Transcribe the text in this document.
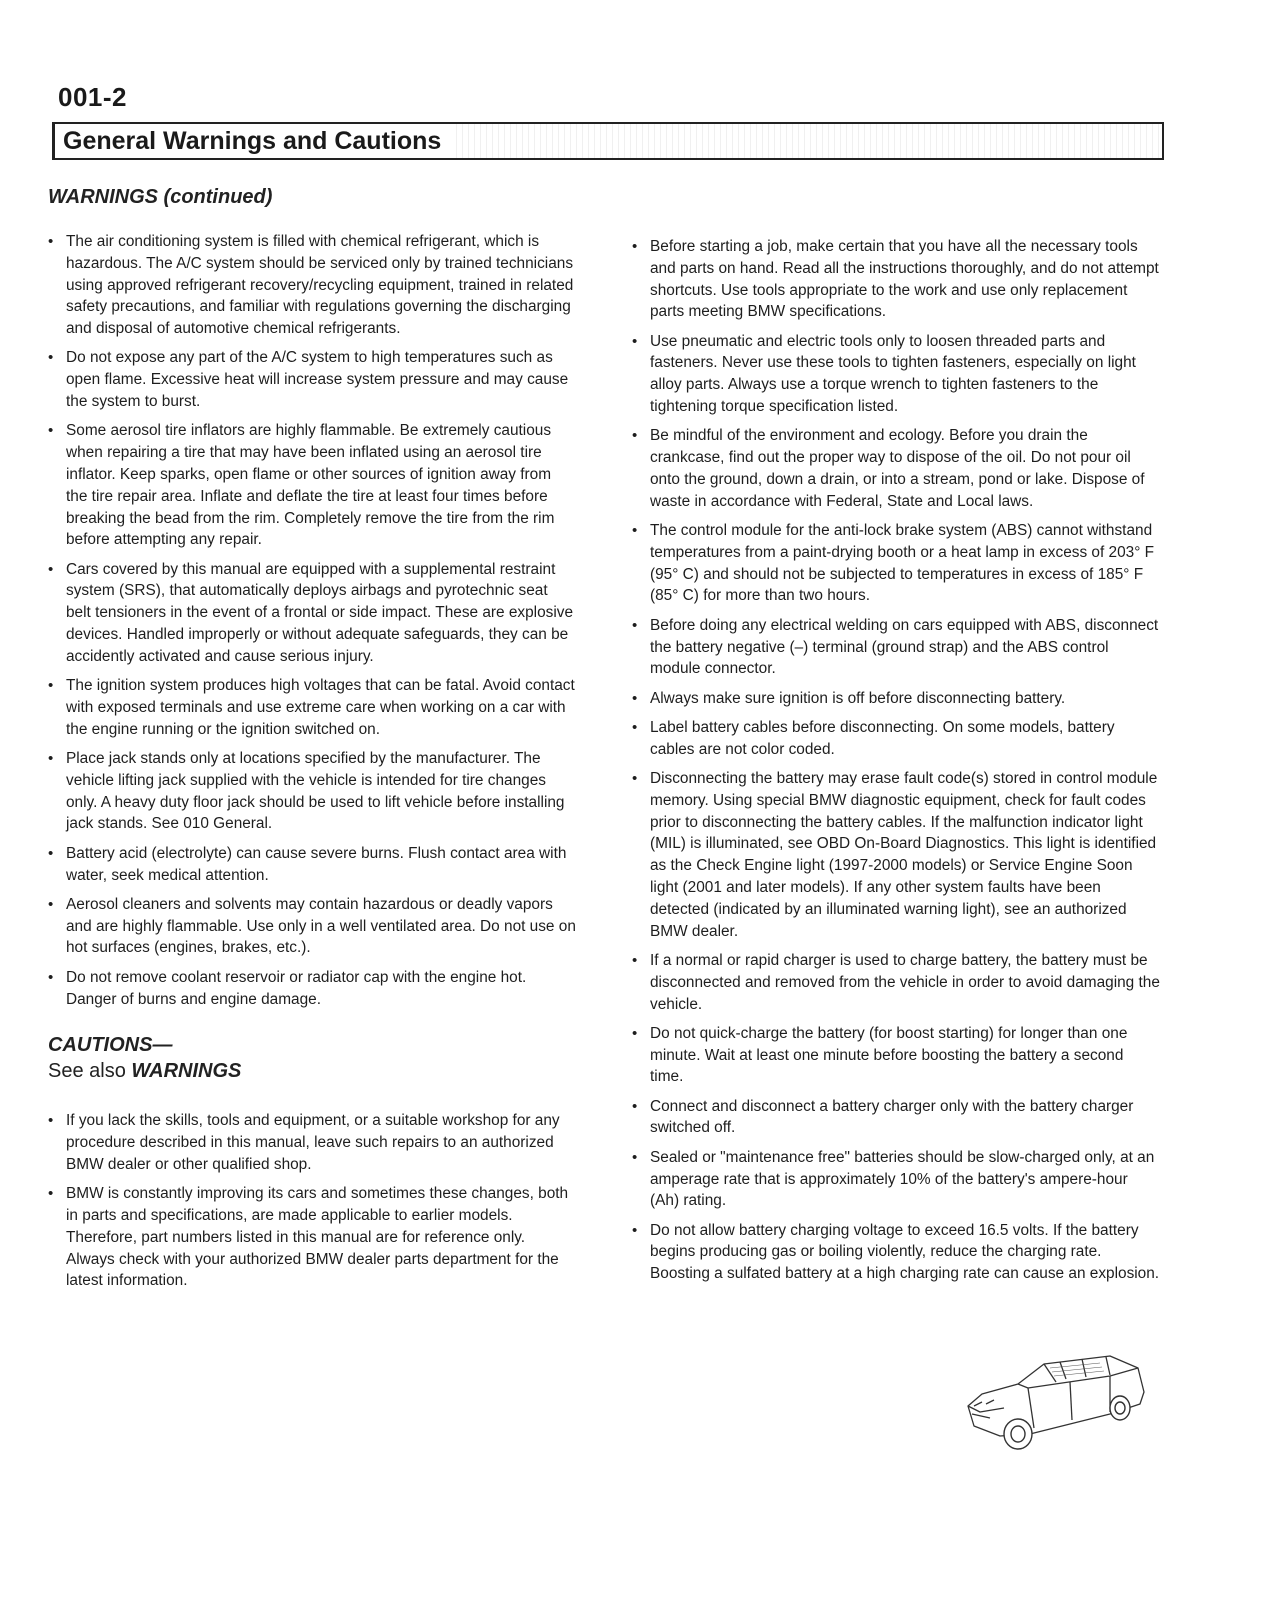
001-2
General Warnings and Cautions
WARNINGS (continued)
• The air conditioning system is filled with chemical refrigerant, which is hazardous. The A/C system should be serviced only by trained technicians using approved refrigerant recovery/recycling equipment, trained in related safety precautions, and familiar with regulations governing the discharging and disposal of automotive chemical refrigerants.
• Do not expose any part of the A/C system to high temperatures such as open flame. Excessive heat will increase system pressure and may cause the system to burst.
• Some aerosol tire inflators are highly flammable. Be extremely cautious when repairing a tire that may have been inflated using an aerosol tire inflator. Keep sparks, open flame or other sources of ignition away from the tire repair area. Inflate and deflate the tire at least four times before breaking the bead from the rim. Completely remove the tire from the rim before attempting any repair.
• Cars covered by this manual are equipped with a supplemental restraint system (SRS), that automatically deploys airbags and pyrotechnic seat belt tensioners in the event of a frontal or side impact. These are explosive devices. Handled improperly or without adequate safeguards, they can be accidently activated and cause serious injury.
• The ignition system produces high voltages that can be fatal. Avoid contact with exposed terminals and use extreme care when working on a car with the engine running or the ignition switched on.
• Place jack stands only at locations specified by the manufacturer. The vehicle lifting jack supplied with the vehicle is intended for tire changes only. A heavy duty floor jack should be used to lift vehicle before installing jack stands. See 010 General.
• Battery acid (electrolyte) can cause severe burns. Flush contact area with water, seek medical attention.
• Aerosol cleaners and solvents may contain hazardous or deadly vapors and are highly flammable. Use only in a well ventilated area. Do not use on hot surfaces (engines, brakes, etc.).
• Do not remove coolant reservoir or radiator cap with the engine hot. Danger of burns and engine damage.
CAUTIONS—
See also WARNINGS
• If you lack the skills, tools and equipment, or a suitable workshop for any procedure described in this manual, leave such repairs to an authorized BMW dealer or other qualified shop.
• BMW is constantly improving its cars and sometimes these changes, both in parts and specifications, are made applicable to earlier models. Therefore, part numbers listed in this manual are for reference only. Always check with your authorized BMW dealer parts department for the latest information.
• Before starting a job, make certain that you have all the necessary tools and parts on hand. Read all the instructions thoroughly, and do not attempt shortcuts. Use tools appropriate to the work and use only replacement parts meeting BMW specifications.
• Use pneumatic and electric tools only to loosen threaded parts and fasteners. Never use these tools to tighten fasteners, especially on light alloy parts. Always use a torque wrench to tighten fasteners to the tightening torque specification listed.
• Be mindful of the environment and ecology. Before you drain the crankcase, find out the proper way to dispose of the oil. Do not pour oil onto the ground, down a drain, or into a stream, pond or lake. Dispose of waste in accordance with Federal, State and Local laws.
• The control module for the anti-lock brake system (ABS) cannot withstand temperatures from a paint-drying booth or a heat lamp in excess of 203° F (95° C) and should not be subjected to temperatures in excess of 185° F (85° C) for more than two hours.
• Before doing any electrical welding on cars equipped with ABS, disconnect the battery negative (–) terminal (ground strap) and the ABS control module connector.
• Always make sure ignition is off before disconnecting battery.
• Label battery cables before disconnecting. On some models, battery cables are not color coded.
• Disconnecting the battery may erase fault code(s) stored in control module memory. Using special BMW diagnostic equipment, check for fault codes prior to disconnecting the battery cables. If the malfunction indicator light (MIL) is illuminated, see OBD On-Board Diagnostics. This light is identified as the Check Engine light (1997-2000 models) or Service Engine Soon light (2001 and later models). If any other system faults have been detected (indicated by an illuminated warning light), see an authorized BMW dealer.
• If a normal or rapid charger is used to charge battery, the battery must be disconnected and removed from the vehicle in order to avoid damaging the vehicle.
• Do not quick-charge the battery (for boost starting) for longer than one minute. Wait at least one minute before boosting the battery a second time.
• Connect and disconnect a battery charger only with the battery charger switched off.
• Sealed or "maintenance free" batteries should be slow-charged only, at an amperage rate that is approximately 10% of the battery's ampere-hour (Ah) rating.
• Do not allow battery charging voltage to exceed 16.5 volts. If the battery begins producing gas or boiling violently, reduce the charging rate. Boosting a sulfated battery at a high charging rate can cause an explosion.
